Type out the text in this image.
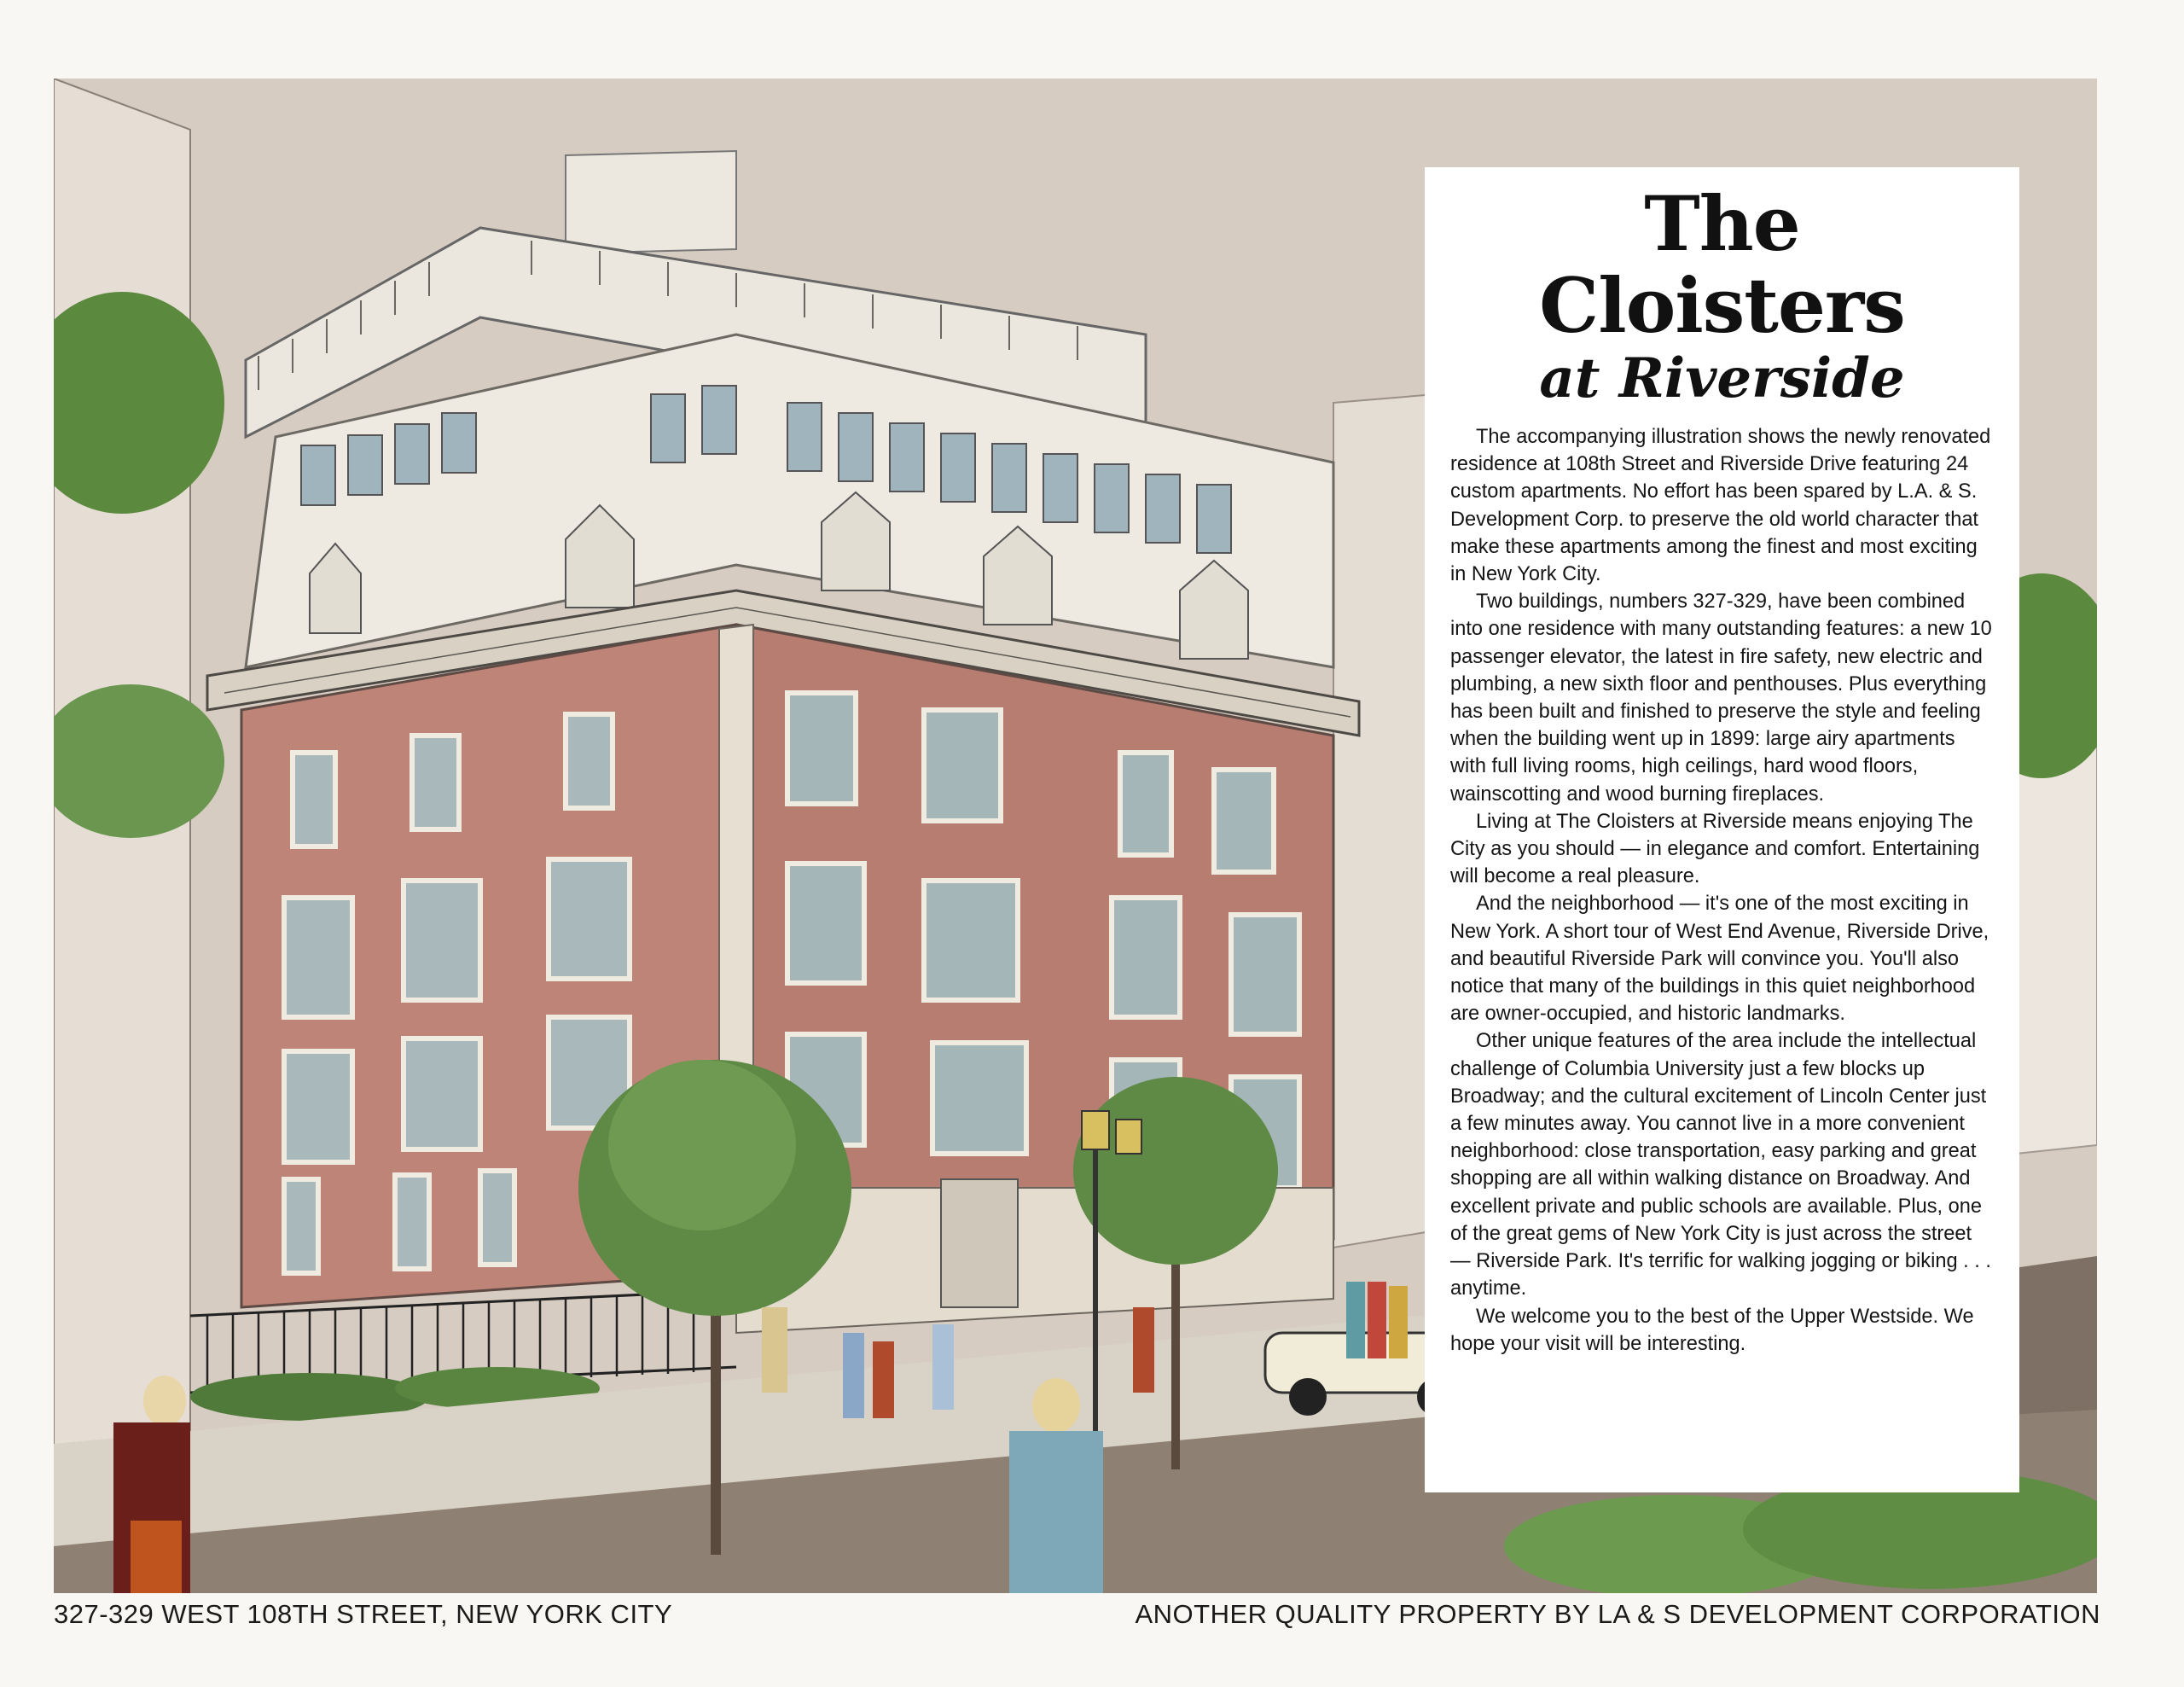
The Cloisters
at Riverside

The accompanying illustration shows the newly renovated residence at 108th Street and Riverside Drive featuring 24 custom apartments. No effort has been spared by L.A. & S. Development Corp. to preserve the old world character that make these apartments among the finest and most exciting in New York City.

Two buildings, numbers 327-329, have been combined into one residence with many outstanding features: a new 10 passenger elevator, the latest in fire safety, new electric and plumbing, a new sixth floor and penthouses. Plus everything has been built and finished to preserve the style and feeling when the building went up in 1899: large airy apartments with full living rooms, high ceilings, hard wood floors, wainscotting and wood burning fireplaces.

Living at The Cloisters at Riverside means enjoying The City as you should — in elegance and comfort. Entertaining will become a real pleasure.

And the neighborhood — it's one of the most exciting in New York. A short tour of West End Avenue, Riverside Drive, and beautiful Riverside Park will convince you. You'll also notice that many of the buildings in this quiet neighborhood are owner-occupied, and historic landmarks.

Other unique features of the area include the intellectual challenge of Columbia University just a few blocks up Broadway; and the cultural excitement of Lincoln Center just a few minutes away. You cannot live in a more convenient neighborhood: close transportation, easy parking and great shopping are all within walking distance on Broadway. And excellent private and public schools are available. Plus, one of the great gems of New York City is just across the street — Riverside Park. It's terrific for walking jogging or biking . . . anytime.

We welcome you to the best of the Upper Westside. We hope your visit will be interesting.

327-329 WEST 108TH STREET, NEW YORK CITY	ANOTHER QUALITY PROPERTY BY LA & S DEVELOPMENT CORPORATION
